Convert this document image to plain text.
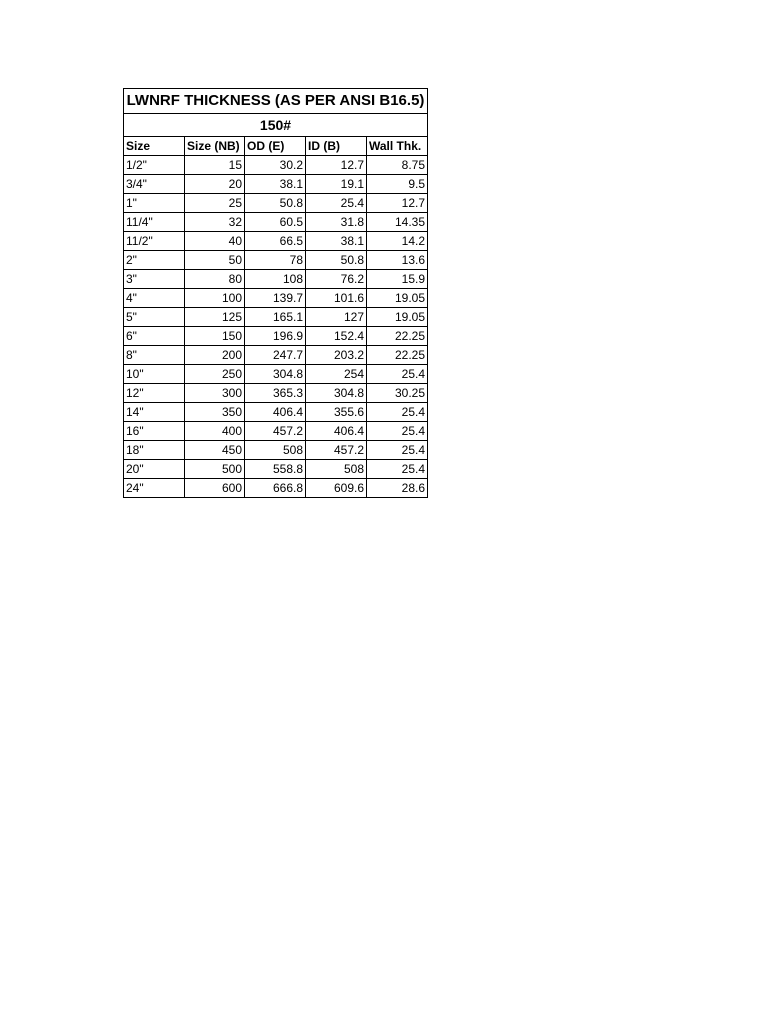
LWNRF THICKNESS (AS PER ANSI B16.5)				
150#				
Size	Size (NB)	OD (E)	ID (B)	Wall Thk.
1/2"	15	30.2	12.7	8.75
3/4"	20	38.1	19.1	9.5
1"	25	50.8	25.4	12.7
11/4"	32	60.5	31.8	14.35
11/2"	40	66.5	38.1	14.2
2"	50	78	50.8	13.6
3"	80	108	76.2	15.9
4"	100	139.7	101.6	19.05
5"	125	165.1	127	19.05
6"	150	196.9	152.4	22.25
8"	200	247.7	203.2	22.25
10"	250	304.8	254	25.4
12"	300	365.3	304.8	30.25
14"	350	406.4	355.6	25.4
16"	400	457.2	406.4	25.4
18"	450	508	457.2	25.4
20"	500	558.8	508	25.4
24"	600	666.8	609.6	28.6
